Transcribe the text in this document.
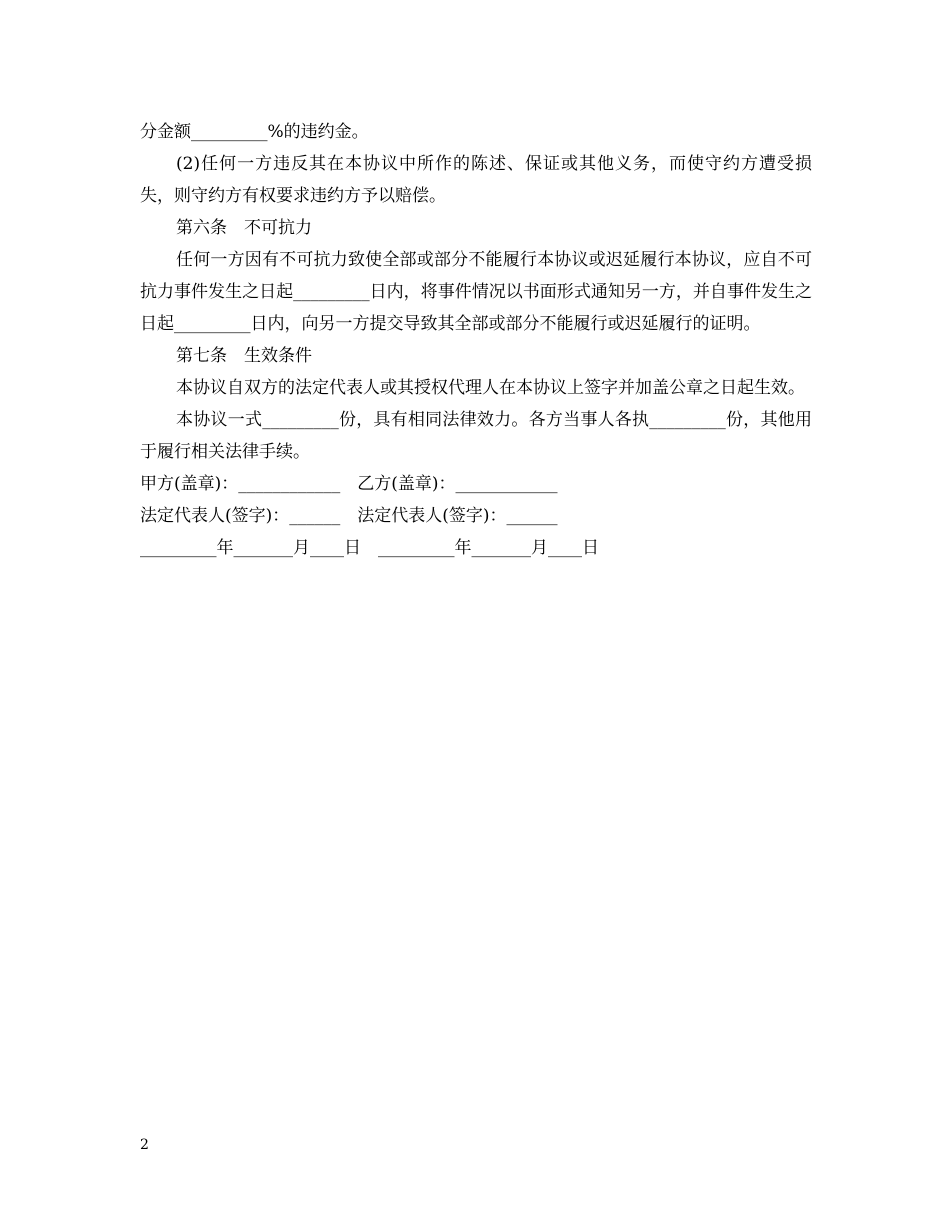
分金额_________%的违约金。

(2)任何一方违反其在本协议中所作的陈述、保证或其他义务，而使守约方遭受损失，则守约方有权要求违约方予以赔偿。

第六条　不可抗力

任何一方因有不可抗力致使全部或部分不能履行本协议或迟延履行本协议，应自不可抗力事件发生之日起_________日内，将事件情况以书面形式通知另一方，并自事件发生之日起_________日内，向另一方提交导致其全部或部分不能履行或迟延履行的证明。

第七条　生效条件

本协议自双方的法定代表人或其授权代理人在本协议上签字并加盖公章之日起生效。

本协议一式_________份，具有相同法律效力。各方当事人各执_________份，其他用于履行相关法律手续。

甲方(盖章)：____________　乙方(盖章)：____________

法定代表人(签字)：______　法定代表人(签字)：______

_________年_______月____日　_________年_______月____日

2
